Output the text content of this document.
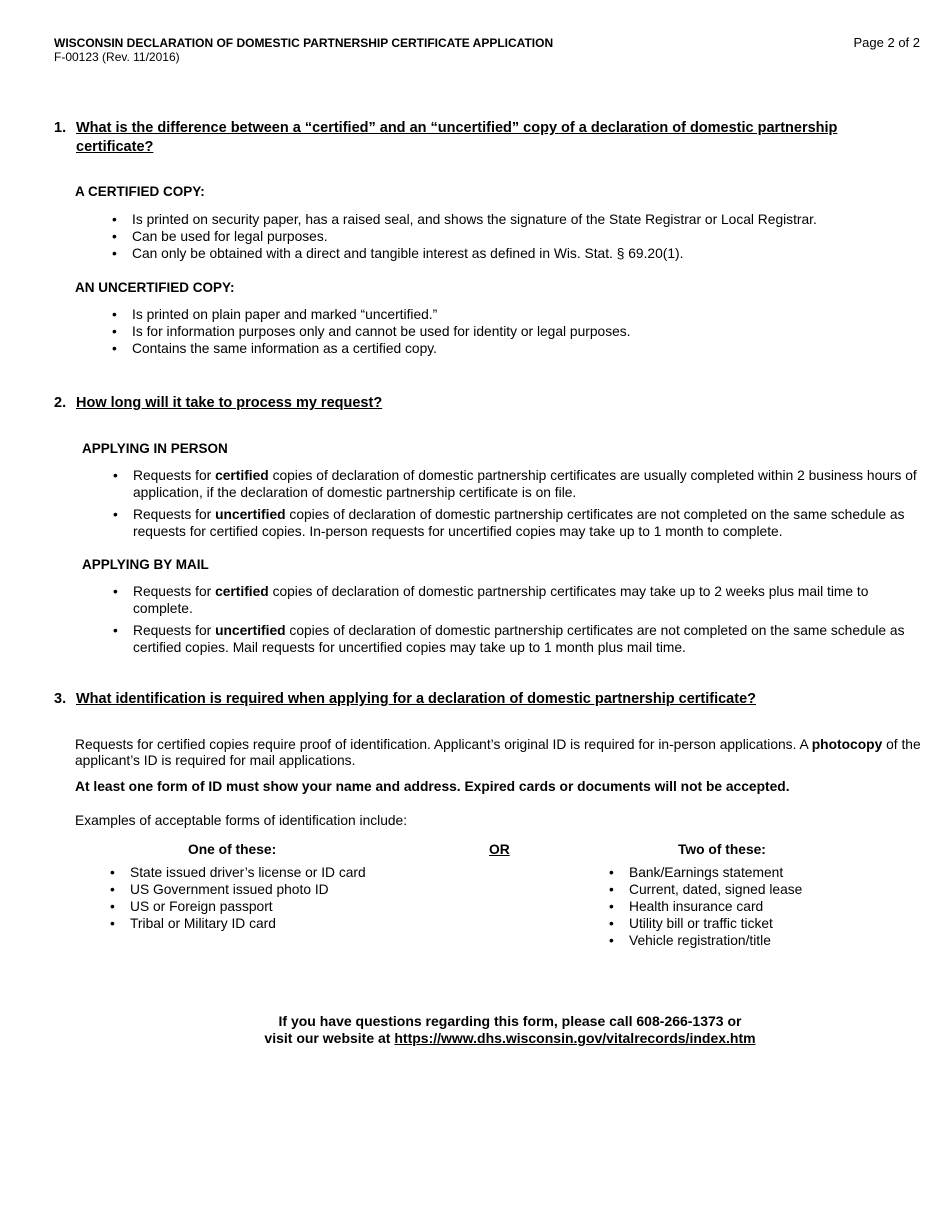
WISCONSIN DECLARATION OF DOMESTIC PARTNERSHIP CERTIFICATE APPLICATION
F-00123 (Rev. 11/2016)
Page 2 of 2
1. What is the difference between a “certified” and an “uncertified” copy of a declaration of domestic partnership certificate?
A CERTIFIED COPY:
• Is printed on security paper, has a raised seal, and shows the signature of the State Registrar or Local Registrar.
• Can be used for legal purposes.
• Can only be obtained with a direct and tangible interest as defined in Wis. Stat. § 69.20(1).
AN UNCERTIFIED COPY:
• Is printed on plain paper and marked “uncertified.”
• Is for information purposes only and cannot be used for identity or legal purposes.
• Contains the same information as a certified copy.
2. How long will it take to process my request?
APPLYING IN PERSON
• Requests for certified copies of declaration of domestic partnership certificates are usually completed within 2 business hours of application, if the declaration of domestic partnership certificate is on file.
• Requests for uncertified copies of declaration of domestic partnership certificates are not completed on the same schedule as requests for certified copies. In-person requests for uncertified copies may take up to 1 month to complete.
APPLYING BY MAIL
• Requests for certified copies of declaration of domestic partnership certificates may take up to 2 weeks plus mail time to complete.
• Requests for uncertified copies of declaration of domestic partnership certificates are not completed on the same schedule as certified copies. Mail requests for uncertified copies may take up to 1 month plus mail time.
3. What identification is required when applying for a declaration of domestic partnership certificate?
Requests for certified copies require proof of identification. Applicant’s original ID is required for in-person applications. A photocopy of the applicant’s ID is required for mail applications.
At least one form of ID must show your name and address. Expired cards or documents will not be accepted.
Examples of acceptable forms of identification include:
One of these:	OR	Two of these:
• State issued driver’s license or ID card
• US Government issued photo ID
• US or Foreign passport
• Tribal or Military ID card
• Bank/Earnings statement
• Current, dated, signed lease
• Health insurance card
• Utility bill or traffic ticket
• Vehicle registration/title
If you have questions regarding this form, please call 608-266-1373 or
visit our website at https://www.dhs.wisconsin.gov/vitalrecords/index.htm
